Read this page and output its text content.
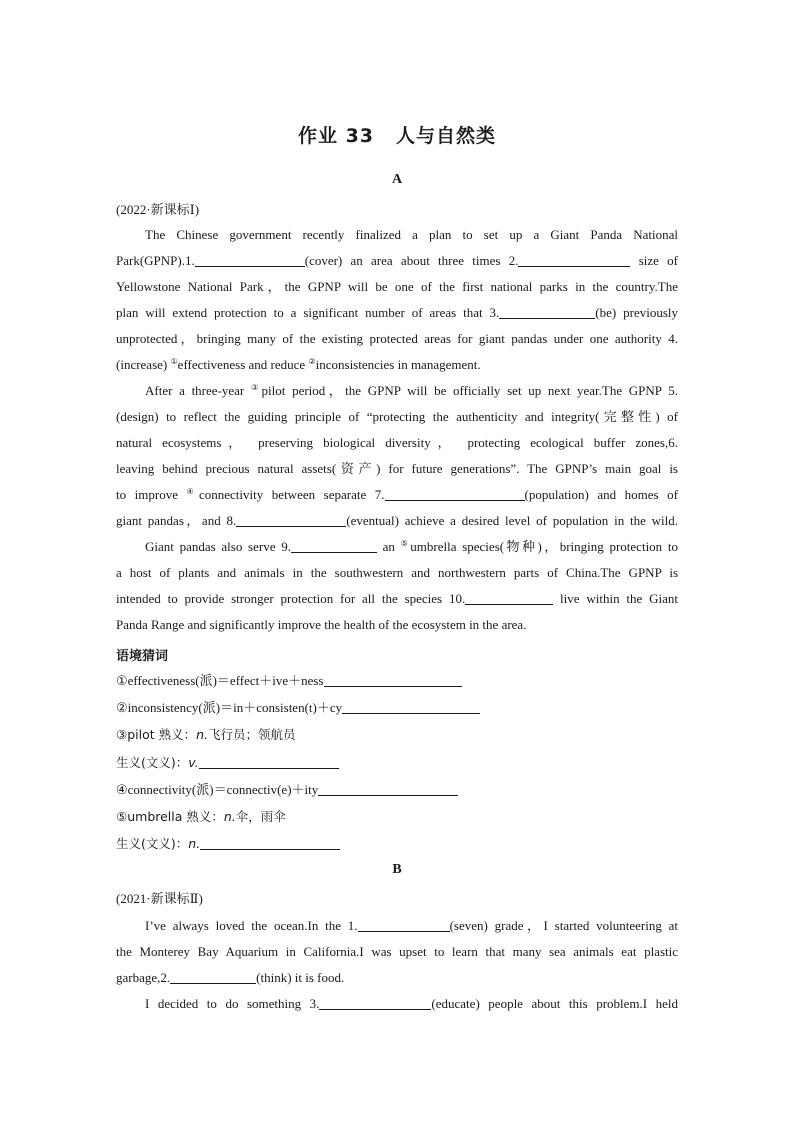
作业 33 人与自然类
A
(2022·新课标Ⅰ)
The Chinese government recently finalized a plan to set up a Giant Panda National
Park(GPNP).1.	(cover) an area about three times 2.	size of
Yellowstone National Park，the GPNP will be one of the first national parks in the country.The
plan will extend protection to a significant number of areas that 3.	(be) previously
unprotected，bringing many of the existing protected areas for giant pandas under one authority 4.
(increase) ①effectiveness and reduce ②inconsistencies in management.
After a three-year ③pilot period，the GPNP will be officially set up next year.The GPNP 5.
(design) to reflect the guiding principle of “protecting the authenticity and integrity(完整性) of
natural ecosystems， preserving biological diversity， protecting ecological buffer zones,6.
leaving behind precious natural assets(资产) for future generations”. The GPNP’s main goal is
to improve ④connectivity between separate 7.	(population) and homes of
giant pandas，and 8.	(eventual) achieve a desired level of population in the wild.
Giant pandas also serve 9.	an ⑤umbrella species(物种)，bringing protection to
a host of plants and animals in the southwestern and northwestern parts of China.The GPNP is
intended to provide stronger protection for all the species 10.	live within the Giant
Panda Range and significantly improve the health of the ecosystem in the area.
语境猜词
①effectiveness(派)＝effect＋ive＋ness
②inconsistency(派)＝in＋consisten(t)＋cy
③pilot 熟义：n.飞行员；领航员
生义(文义)：v.
④connectivity(派)＝connectiv(e)＋ity
⑤umbrella 熟义：n.伞，雨伞
生义(文义)：n.
B
(2021·新课标Ⅱ)
I’ve always loved the ocean.In the 1.	(seven) grade，I started volunteering at
the Monterey Bay Aquarium in California.I was upset to learn that many sea animals eat plastic
garbage,2.	(think) it is food.
I decided to do something 3.	(educate) people about this problem.I held
